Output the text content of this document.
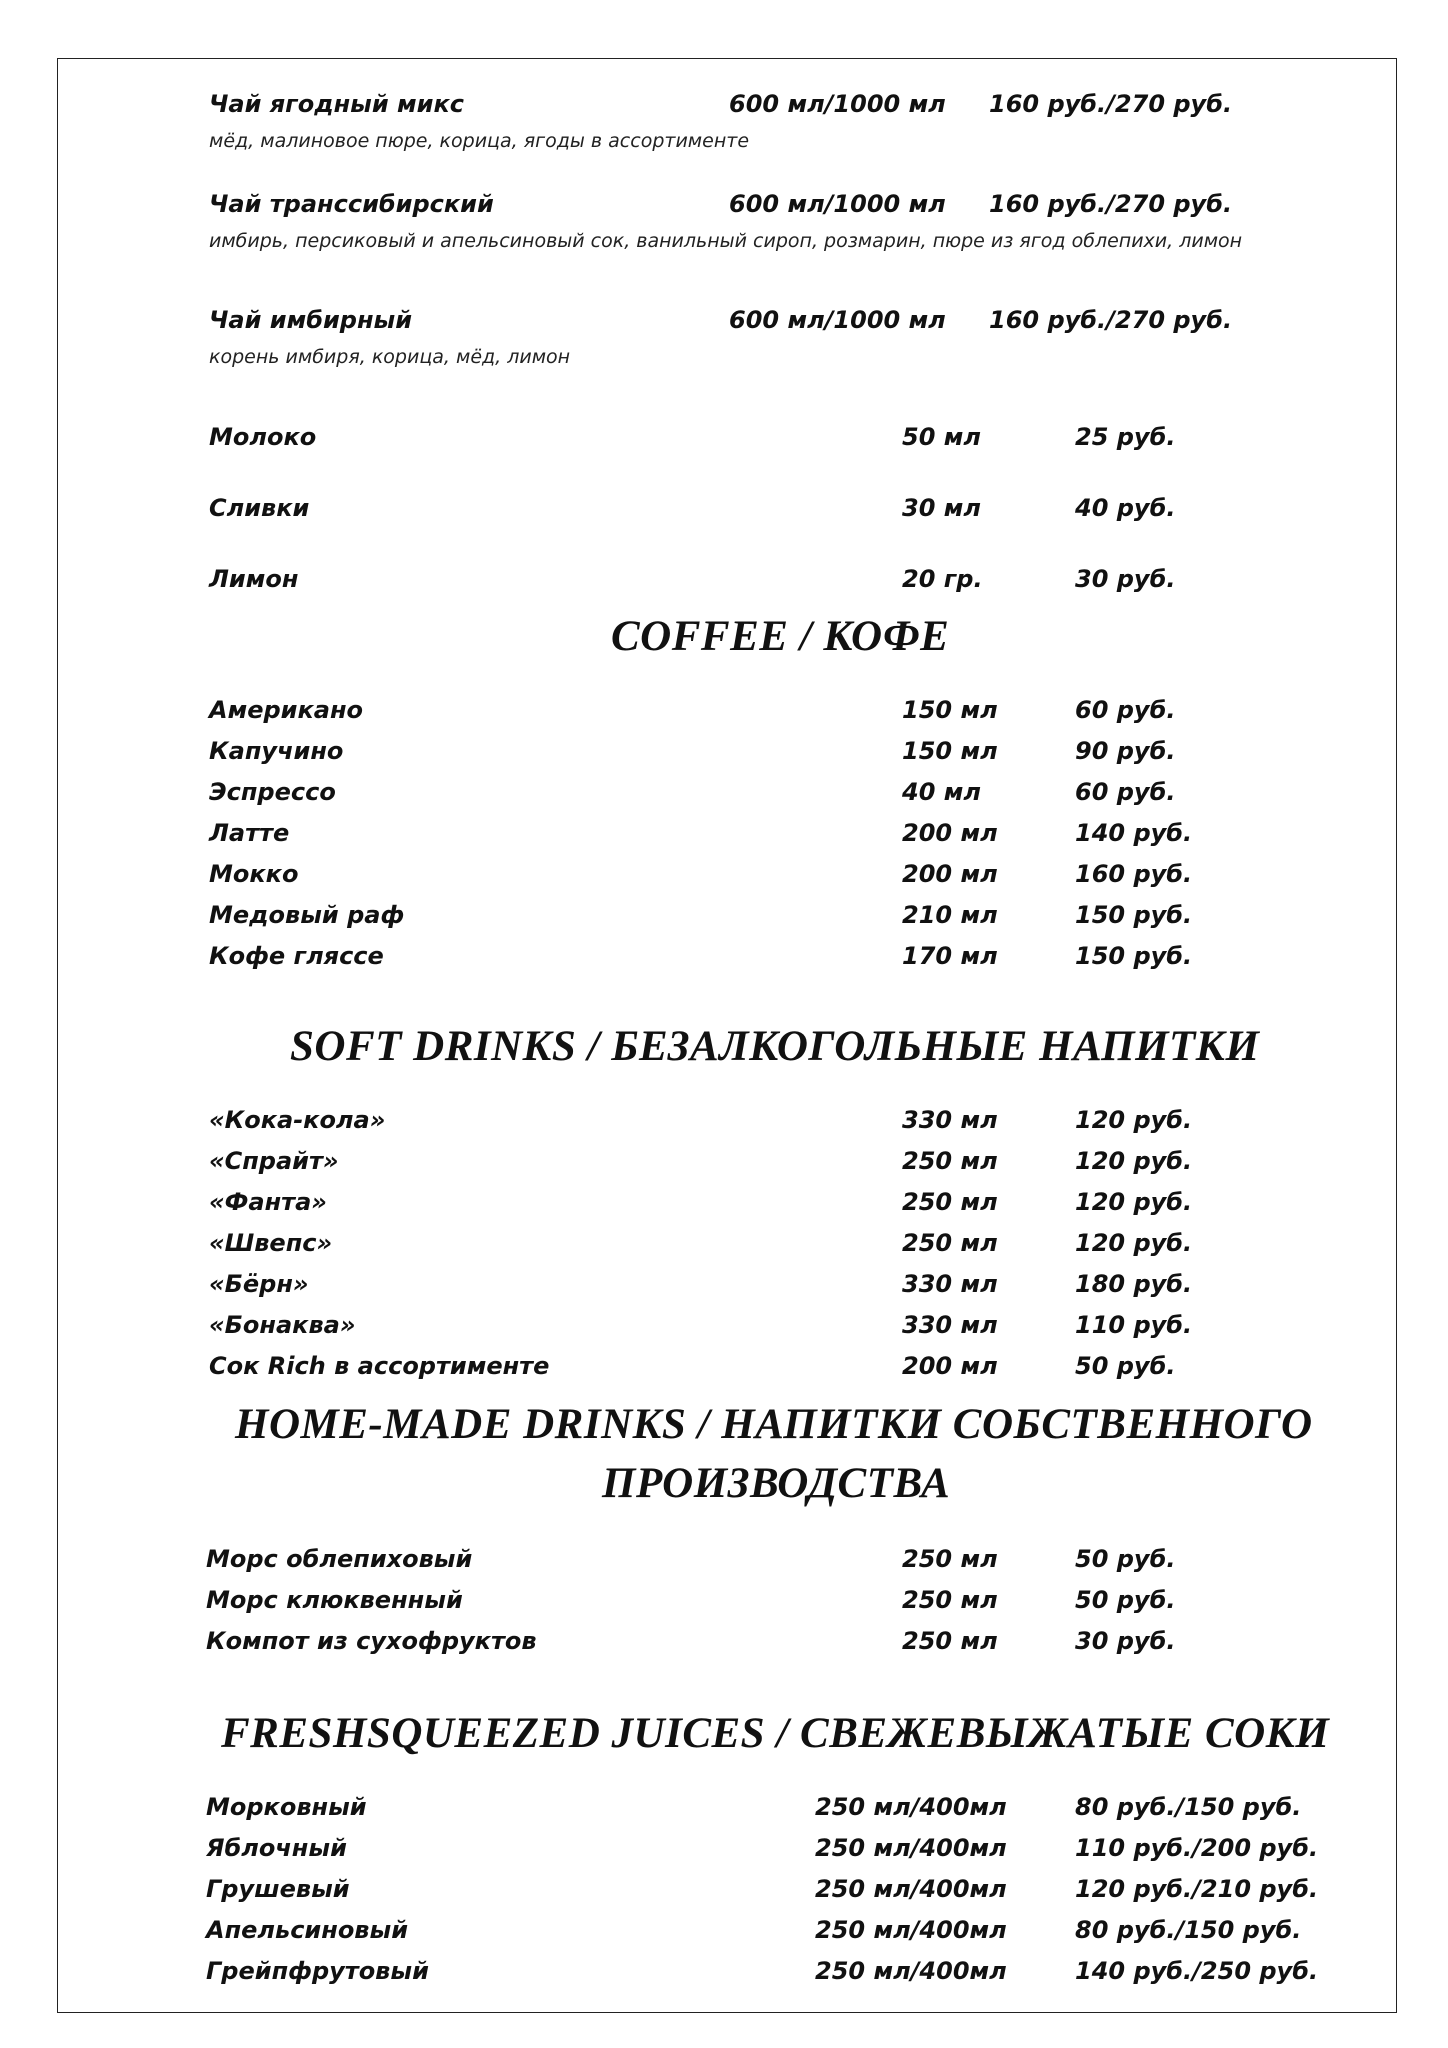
Чай ягодный микс	600 мл/1000 мл 160 руб./270 руб.
мёд, малиновое пюре, корица, ягоды в ассортименте
Чай транссибирский	600 мл/1000 мл 160 руб./270 руб.
имбирь, персиковый и апельсиновый сок, ванильный сироп, розмарин, пюре из ягод облепихи, лимон
Чай имбирный	600 мл/1000 мл 160 руб./270 руб.
корень имбиря, корица, мёд, лимон
Молоко	50 мл	25 руб.
Сливки	30 мл	40 руб.
Лимон	20 гр.	30 руб.
COFFEE / КОФЕ
Американо	150 мл	60 руб.
Капучино	150 мл	90 руб.
Эспрессо	40 мл	60 руб.
Латте	200 мл	140 руб.
Мокко	200 мл	160 руб.
Медовый раф	210 мл	150 руб.
Кофе гляссе	170 мл	150 руб.
SOFT DRINKS / БЕЗАЛКОГОЛЬНЫЕ НАПИТКИ
«Кока-кола»	330 мл	120 руб.
«Спрайт»	250 мл	120 руб.
«Фанта»	250 мл	120 руб.
«Швепс»	250 мл	120 руб.
«Бёрн»	330 мл	180 руб.
«Бонаква»	330 мл	110 руб.
Сок Rich в ассортименте	200 мл	50 руб.
HOME-MADE DRINKS / НАПИТКИ СОБСТВЕННОГО
ПРОИЗВОДСТВА
Морс облепиховый	250 мл	50 руб.
Морс клюквенный	250 мл	50 руб.
Компот из сухофруктов	250 мл	30 руб.
FRESHSQUEEZED JUICES / СВЕЖЕВЫЖАТЫЕ СОКИ
Морковный	250 мл/400мл	80 руб./150 руб.
Яблочный	250 мл/400мл	110 руб./200 руб.
Грушевый	250 мл/400мл	120 руб./210 руб.
Апельсиновый	250 мл/400мл	80 руб./150 руб.
Грейпфрутовый	250 мл/400мл	140 руб./250 руб.
